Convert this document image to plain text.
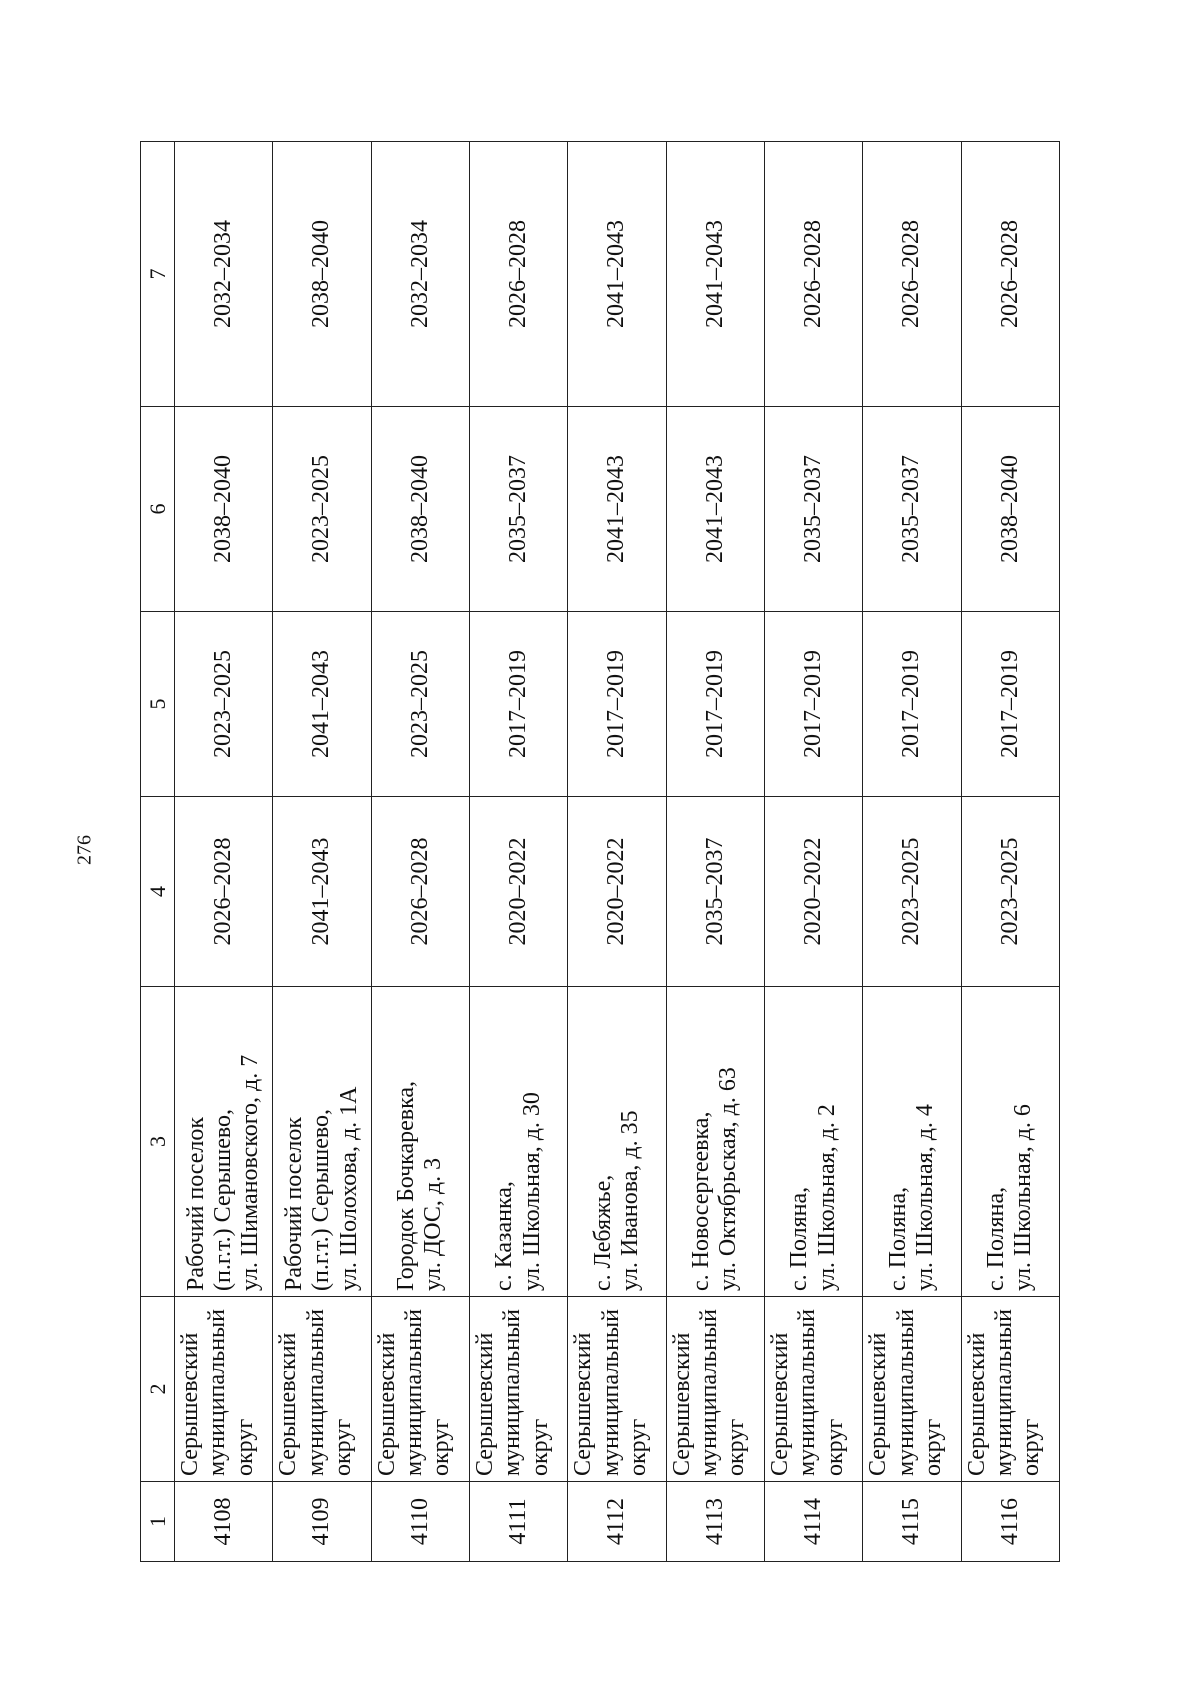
276
1	2	3	4	5	6	7
4108	Серышевский муниципальный округ	Рабочий поселок (п.г.т.) Серышево, ул. Шимановского, д. 7	2026–2028	2023–2025	2038–2040	2032–2034
4109	Серышевский муниципальный округ	Рабочий поселок (п.г.т.) Серышево, ул. Шолохова, д. 1А	2041–2043	2041–2043	2023–2025	2038–2040
4110	Серышевский муниципальный округ	Городок Бочкаревка, ул. ДОС, д. 3	2026–2028	2023–2025	2038–2040	2032–2034
4111	Серышевский муниципальный округ	с. Казанка, ул. Школьная, д. 30	2020–2022	2017–2019	2035–2037	2026–2028
4112	Серышевский муниципальный округ	с. Лебяжье, ул. Иванова, д. 35	2020–2022	2017–2019	2041–2043	2041–2043
4113	Серышевский муниципальный округ	с. Новосергеевка, ул. Октябрьская, д. 63	2035–2037	2017–2019	2041–2043	2041–2043
4114	Серышевский муниципальный округ	с. Поляна, ул. Школьная, д. 2	2020–2022	2017–2019	2035–2037	2026–2028
4115	Серышевский муниципальный округ	с. Поляна, ул. Школьная, д. 4	2023–2025	2017–2019	2035–2037	2026–2028
4116	Серышевский муниципальный округ	с. Поляна, ул. Школьная, д. 6	2023–2025	2017–2019	2038–2040	2026–2028
